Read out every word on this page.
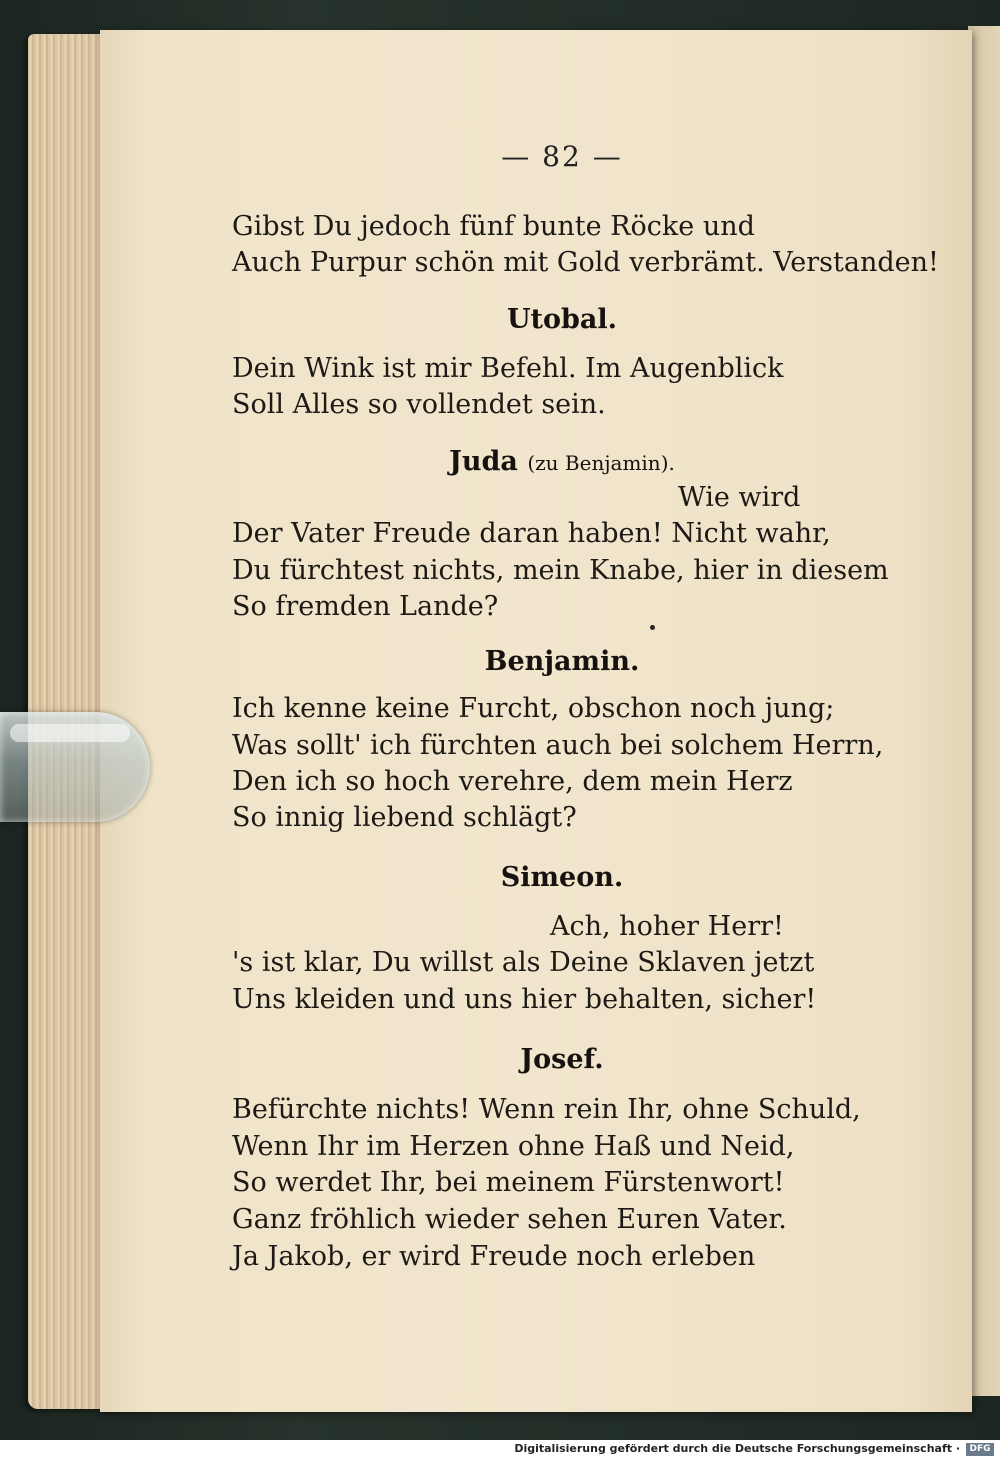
— 82 —
Gibst Du jedoch fünf bunte Röcke und
Auch Purpur schön mit Gold verbrämt. Verstanden!
Utobal.
Dein Wink ist mir Befehl. Im Augenblick
Soll Alles so vollendet sein.
Juda (zu Benjamin).
Wie wird
Der Vater Freude daran haben! Nicht wahr,
Du fürchtest nichts, mein Knabe, hier in diesem
So fremden Lande?
Benjamin.
Ich kenne keine Furcht, obschon noch jung;
Was sollt' ich fürchten auch bei solchem Herrn,
Den ich so hoch verehre, dem mein Herz
So innig liebend schlägt?
Simeon.
Ach, hoher Herr!
's ist klar, Du willst als Deine Sklaven jetzt
Uns kleiden und uns hier behalten, sicher!
Josef.
Befürchte nichts! Wenn rein Ihr, ohne Schuld,
Wenn Ihr im Herzen ohne Haß und Neid,
So werdet Ihr, bei meinem Fürstenwort!
Ganz fröhlich wieder sehen Euren Vater.
Ja Jakob, er wird Freude noch erleben
Digitalisierung gefördert durch die Deutsche Forschungsgemeinschaft ·	DFG
